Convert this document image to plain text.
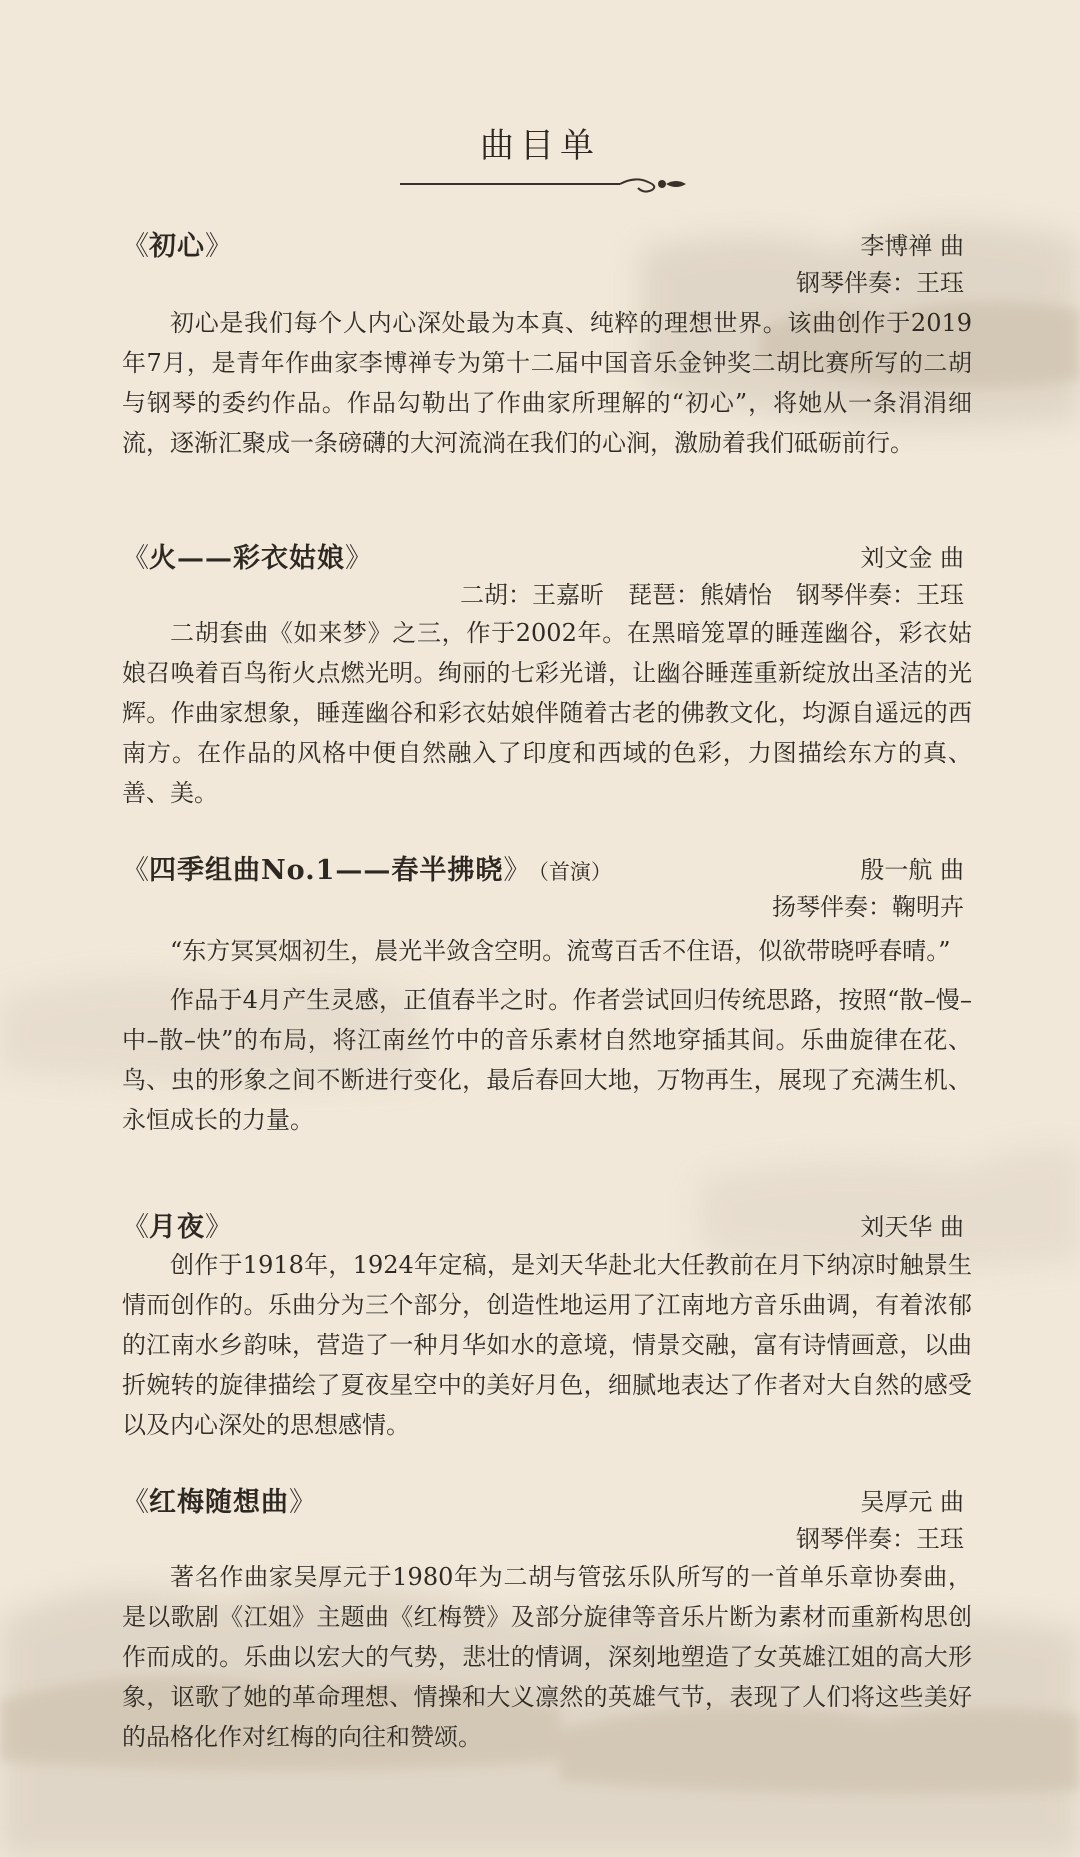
曲目单
《初心》	李博禅 曲
钢琴伴奏：王珏

初心是我们每个人内心深处最为本真、纯粹的理想世界。该曲创作于2019年7月，是青年作曲家李博禅专为第十二届中国音乐金钟奖二胡比赛所写的二胡与钢琴的委约作品。作品勾勒出了作曲家所理解的“初心”，将她从一条涓涓细流，逐渐汇聚成一条磅礴的大河流淌在我们的心涧，激励着我们砥砺前行。

《火——彩衣姑娘》	刘文金 曲
二胡：王嘉昕　琵琶：熊婧怡　钢琴伴奏：王珏

二胡套曲《如来梦》之三，作于2002年。在黑暗笼罩的睡莲幽谷，彩衣姑娘召唤着百鸟衔火点燃光明。绚丽的七彩光谱，让幽谷睡莲重新绽放出圣洁的光辉。作曲家想象，睡莲幽谷和彩衣姑娘伴随着古老的佛教文化，均源自遥远的西南方。在作品的风格中便自然融入了印度和西域的色彩，力图描绘东方的真、善、美。

《四季组曲No.1——春半拂晓》 （首演）	殷一航 曲
扬琴伴奏：鞠明卉

“东方冥冥烟初生，晨光半敛含空明。流莺百舌不住语，似欲带晓呼春晴。”

作品于4月产生灵感，正值春半之时。作者尝试回归传统思路，按照“散–慢–中–散–快”的布局，将江南丝竹中的音乐素材自然地穿插其间。乐曲旋律在花、鸟、虫的形象之间不断进行变化，最后春回大地，万物再生，展现了充满生机、永恒成长的力量。

《月夜》	刘天华 曲

创作于1918年，1924年定稿，是刘天华赴北大任教前在月下纳凉时触景生情而创作的。乐曲分为三个部分，创造性地运用了江南地方音乐曲调，有着浓郁的江南水乡韵味，营造了一种月华如水的意境，情景交融，富有诗情画意，以曲折婉转的旋律描绘了夏夜星空中的美好月色，细腻地表达了作者对大自然的感受以及内心深处的思想感情。

《红梅随想曲》	吴厚元 曲
钢琴伴奏：王珏

著名作曲家吴厚元于1980年为二胡与管弦乐队所写的一首单乐章协奏曲，是以歌剧《江姐》主题曲《红梅赞》及部分旋律等音乐片断为素材而重新构思创作而成的。乐曲以宏大的气势，悲壮的情调，深刻地塑造了女英雄江姐的高大形象，讴歌了她的革命理想、情操和大义凛然的英雄气节，表现了人们将这些美好的品格化作对红梅的向往和赞颂。
